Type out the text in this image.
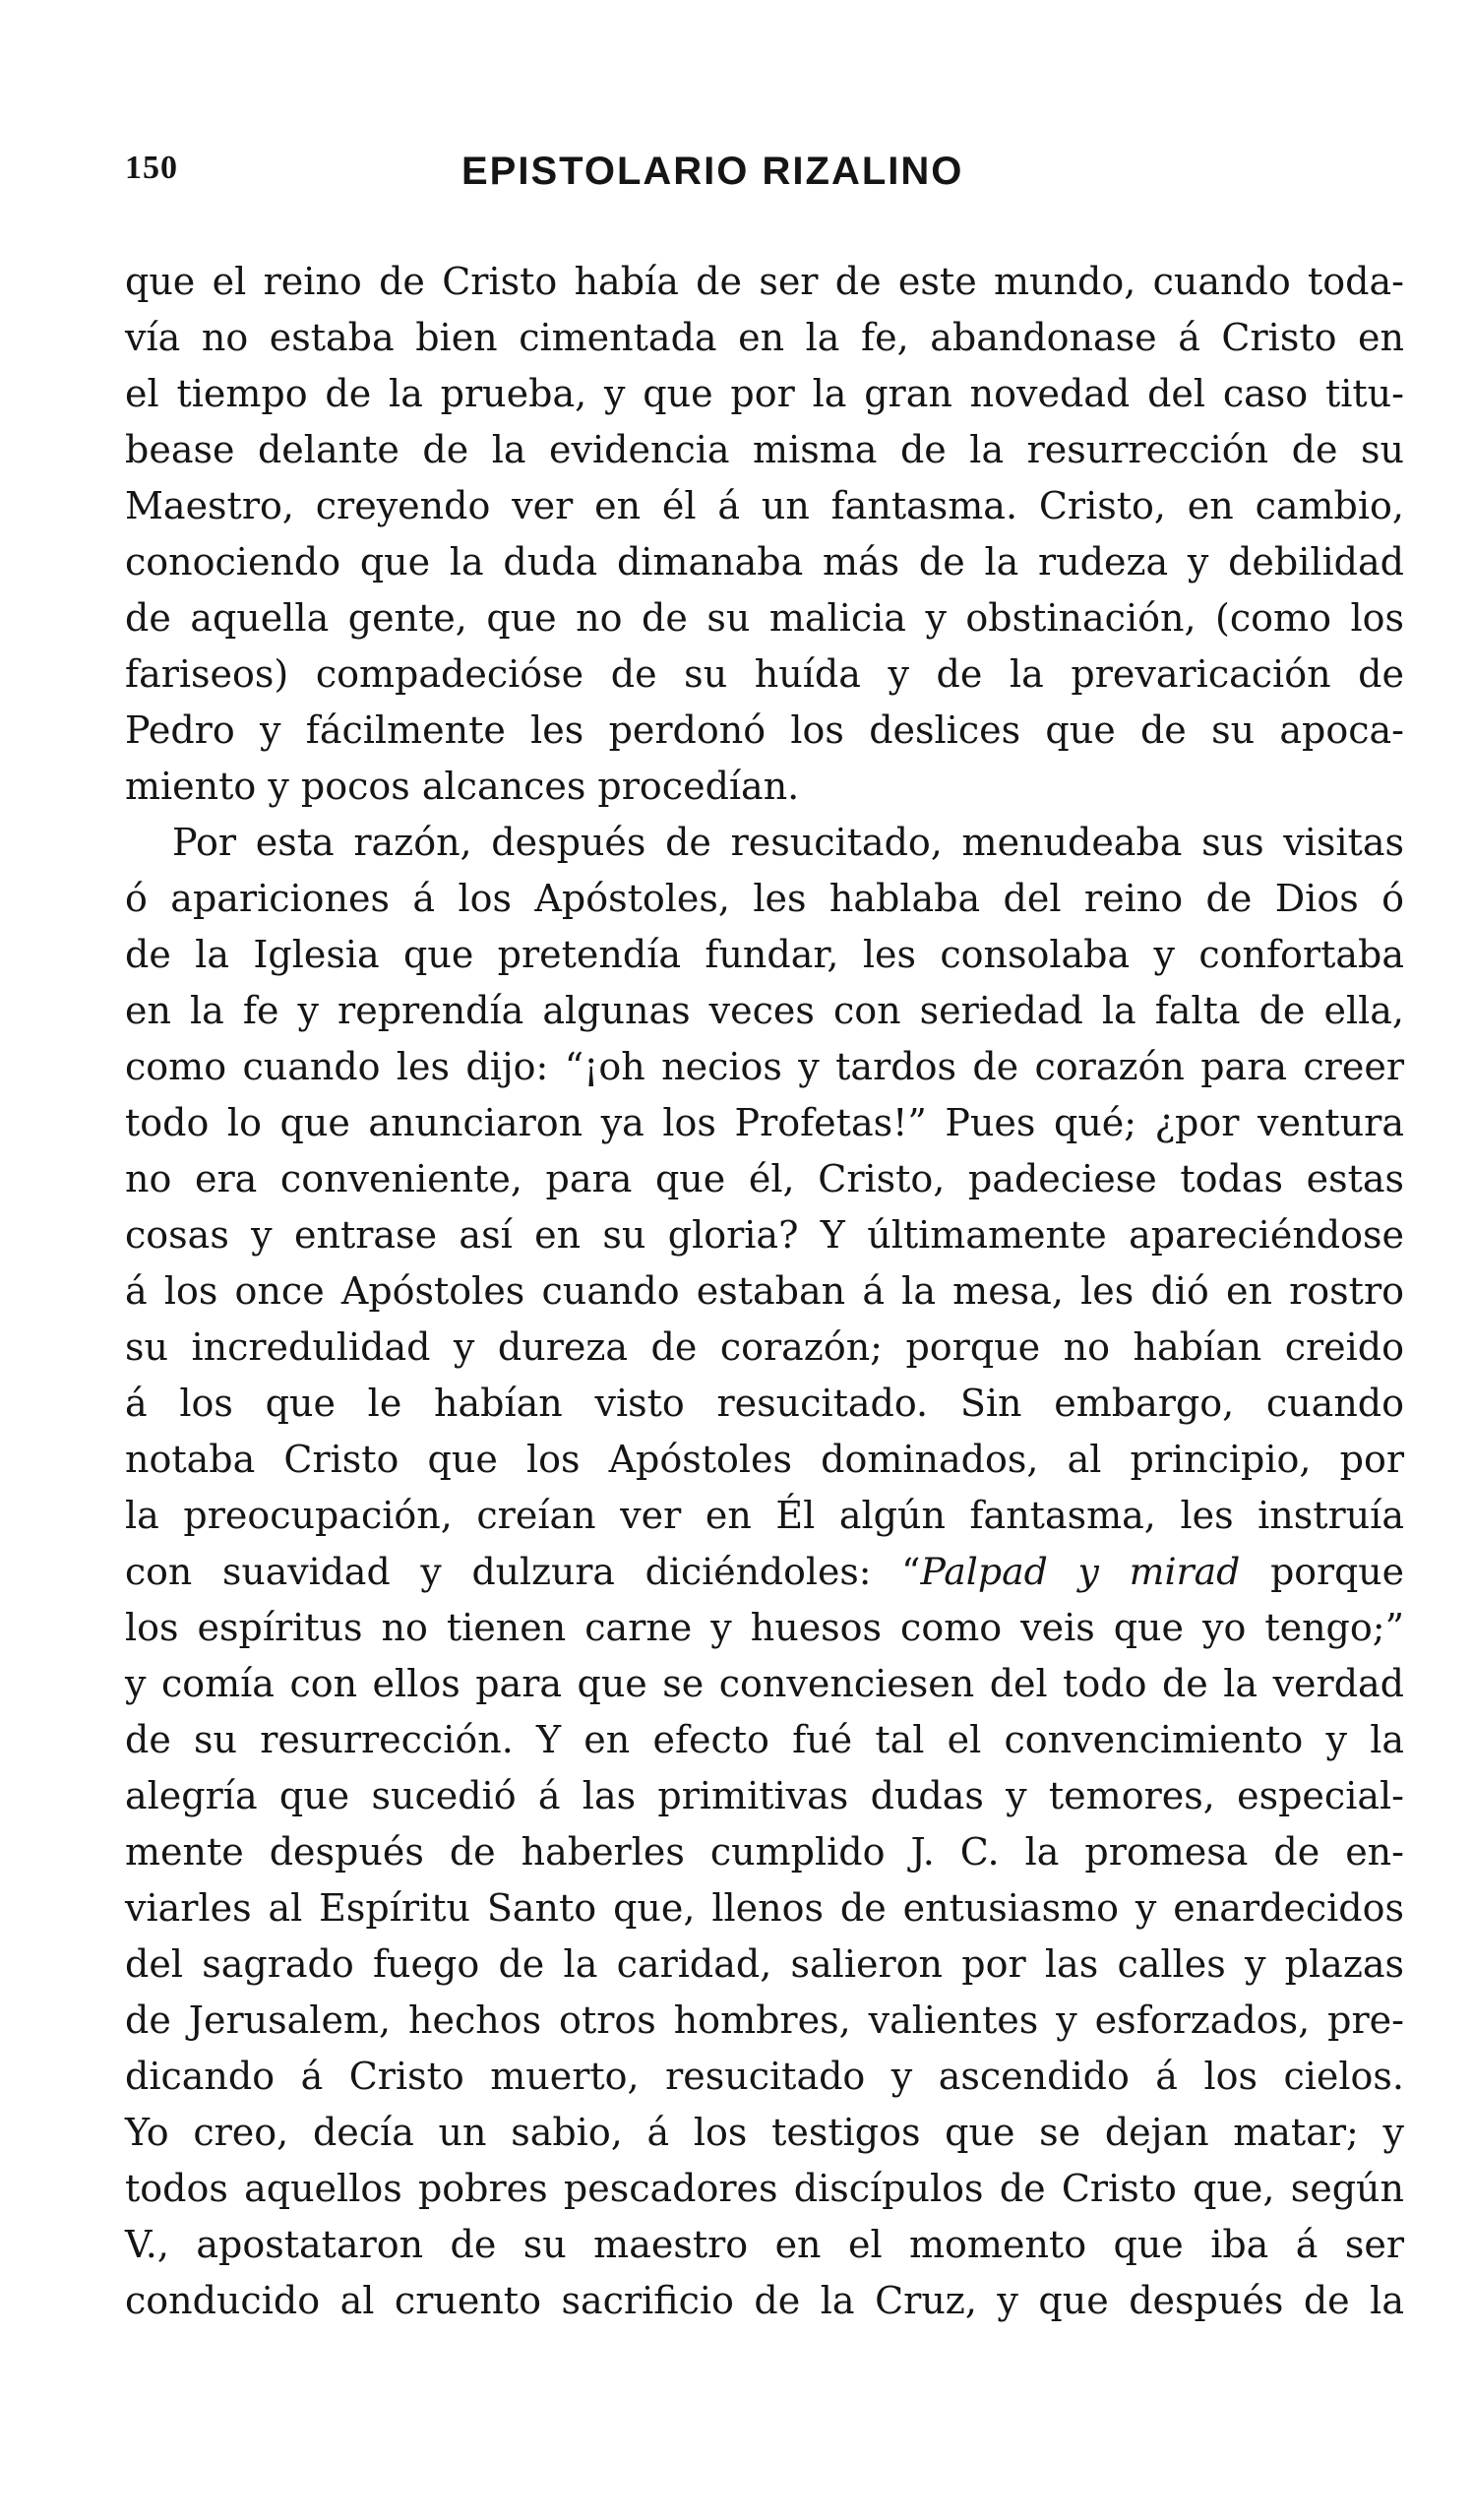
150	EPISTOLARIO RIZALINO
que el reino de Cristo había de ser de este mundo, cuando toda-
vía no estaba bien cimentada en la fe, abandonase á Cristo en
el tiempo de la prueba, y que por la gran novedad del caso titu-
bease delante de la evidencia misma de la resurrección de su
Maestro, creyendo ver en él á un fantasma. Cristo, en cambio,
conociendo que la duda dimanaba más de la rudeza y debilidad
de aquella gente, que no de su malicia y obstinación, (como los
fariseos) compadecióse de su huída y de la prevaricación de
Pedro y fácilmente les perdonó los deslices que de su apoca-
miento y pocos alcances procedían.
Por esta razón, después de resucitado, menudeaba sus visitas
ó apariciones á los Apóstoles, les hablaba del reino de Dios ó
de la Iglesia que pretendía fundar, les consolaba y confortaba
en la fe y reprendía algunas veces con seriedad la falta de ella,
como cuando les dijo: “¡oh necios y tardos de corazón para creer
todo lo que anunciaron ya los Profetas!” Pues qué; ¿por ventura
no era conveniente, para que él, Cristo, padeciese todas estas
cosas y entrase así en su gloria? Y últimamente apareciéndose
á los once Apóstoles cuando estaban á la mesa, les dió en rostro
su incredulidad y dureza de corazón; porque no habían creido
á los que le habían visto resucitado. Sin embargo, cuando
notaba Cristo que los Apóstoles dominados, al principio, por
la preocupación, creían ver en Él algún fantasma, les instruía
con suavidad y dulzura diciéndoles: “Palpad y mirad porque
los espíritus no tienen carne y huesos como veis que yo tengo;”
y comía con ellos para que se convenciesen del todo de la verdad
de su resurrección. Y en efecto fué tal el convencimiento y la
alegría que sucedió á las primitivas dudas y temores, especial-
mente después de haberles cumplido J. C. la promesa de en-
viarles al Espíritu Santo que, llenos de entusiasmo y enardecidos
del sagrado fuego de la caridad, salieron por las calles y plazas
de Jerusalem, hechos otros hombres, valientes y esforzados, pre-
dicando á Cristo muerto, resucitado y ascendido á los cielos.
Yo creo, decía un sabio, á los testigos que se dejan matar; y
todos aquellos pobres pescadores discípulos de Cristo que, según
V., apostataron de su maestro en el momento que iba á ser
conducido al cruento sacrificio de la Cruz, y que después de la
